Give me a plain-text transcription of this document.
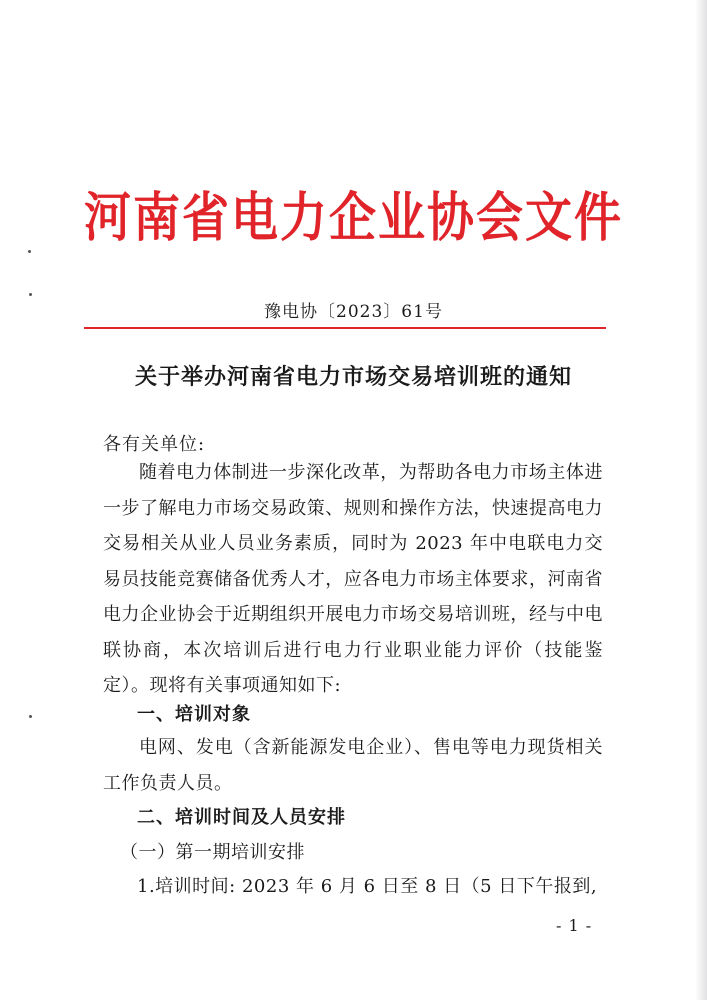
河南省电力企业协会文件
豫电协〔2023〕61号
关于举办河南省电力市场交易培训班的通知
各有关单位:
随着电力体制进一步深化改革，为帮助各电力市场主体进一步了解电力市场交易政策、规则和操作方法，快速提高电力交易相关从业人员业务素质，同时为 2023 年中电联电力交易员技能竞赛储备优秀人才，应各电力市场主体要求，河南省电力企业协会于近期组织开展电力市场交易培训班，经与中电联协商，本次培训后进行电力行业职业能力评价（技能鉴定）。现将有关事项通知如下:
一、培训对象
电网、发电（含新能源发电企业）、售电等电力现货相关工作负责人员。
二、培训时间及人员安排
（一）第一期培训安排
1.培训时间: 2023 年 6 月 6 日至 8 日（5 日下午报到,
- 1 -
